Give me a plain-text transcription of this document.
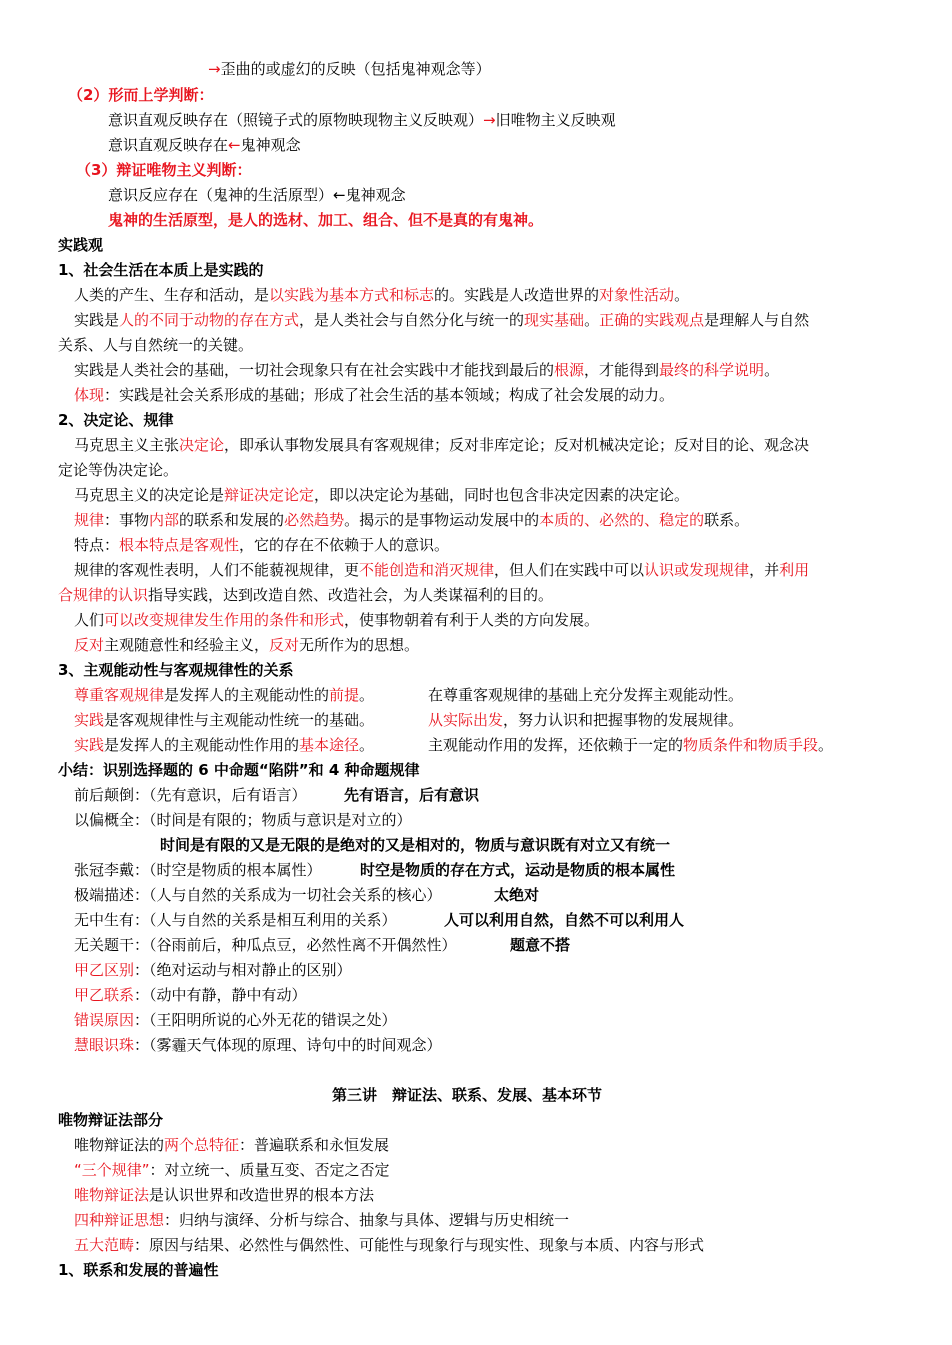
→歪曲的或虚幻的反映（包括鬼神观念等）
（2）形而上学判断：
意识直观反映存在（照镜子式的原物映现物主义反映观）→旧唯物主义反映观
意识直观反映存在←鬼神观念
（3）辩证唯物主义判断：
意识反应存在（鬼神的生活原型）←鬼神观念
鬼神的生活原型，是人的选材、加工、组合、但不是真的有鬼神。
实践观
1、社会生活在本质上是实践的
人类的产生、生存和活动，是以实践为基本方式和标志的。实践是人改造世界的对象性活动。
实践是人的不同于动物的存在方式，是人类社会与自然分化与统一的现实基础。正确的实践观点是理解人与自然
关系、人与自然统一的关键。
实践是人类社会的基础，一切社会现象只有在社会实践中才能找到最后的根源，才能得到最终的科学说明。
体现：实践是社会关系形成的基础；形成了社会生活的基本领域；构成了社会发展的动力。
2、决定论、规律
马克思主义主张决定论，即承认事物发展具有客观规律；反对非库定论；反对机械决定论；反对目的论、观念决
定论等伪决定论。
马克思主义的决定论是辩证决定论定，即以决定论为基础，同时也包含非决定因素的决定论。
规律：事物内部的联系和发展的必然趋势。揭示的是事物运动发展中的本质的、必然的、稳定的联系。
特点：根本特点是客观性，它的存在不依赖于人的意识。
规律的客观性表明，人们不能藐视规律，更不能创造和消灭规律，但人们在实践中可以认识或发现规律，并利用
合规律的认识指导实践，达到改造自然、改造社会，为人类谋福利的目的。
人们可以改变规律发生作用的条件和形式，使事物朝着有利于人类的方向发展。
反对主观随意性和经验主义，反对无所作为的思想。
3、主观能动性与客观规律性的关系
尊重客观规律是发挥人的主观能动性的前提。	在尊重客观规律的基础上充分发挥主观能动性。
实践是客观规律性与主观能动性统一的基础。	从实际出发，努力认识和把握事物的发展规律。
实践是发挥人的主观能动性作用的基本途径。	主观能动作用的发挥，还依赖于一定的物质条件和物质手段。
小结：识别选择题的 6 中命题“陷阱”和 4 种命题规律
前后颠倒：（先有意识，后有语言） 先有语言，后有意识
以偏概全：（时间是有限的；物质与意识是对立的）
时间是有限的又是无限的是绝对的又是相对的，物质与意识既有对立又有统一
张冠李戴：（时空是物质的根本属性）	时空是物质的存在方式，运动是物质的根本属性
极端描述：（人与自然的关系成为一切社会关系的核心）	太绝对
无中生有：（人与自然的关系是相互利用的关系）	人可以利用自然，自然不可以利用人
无关题干：（谷雨前后，种瓜点豆，必然性离不开偶然性）	题意不搭
甲乙区别：（绝对运动与相对静止的区别）
甲乙联系：（动中有静，静中有动）
错误原因：（王阳明所说的心外无花的错误之处）
慧眼识珠：（雾霾天气体现的原理、诗句中的时间观念）
第三讲　辩证法、联系、发展、基本环节
唯物辩证法部分
唯物辩证法的两个总特征：普遍联系和永恒发展
“三个规律”：对立统一、质量互变、否定之否定
唯物辩证法是认识世界和改造世界的根本方法
四种辩证思想：归纳与演绎、分析与综合、抽象与具体、逻辑与历史相统一
五大范畴：原因与结果、必然性与偶然性、可能性与现象行与现实性、现象与本质、内容与形式
1、联系和发展的普遍性
